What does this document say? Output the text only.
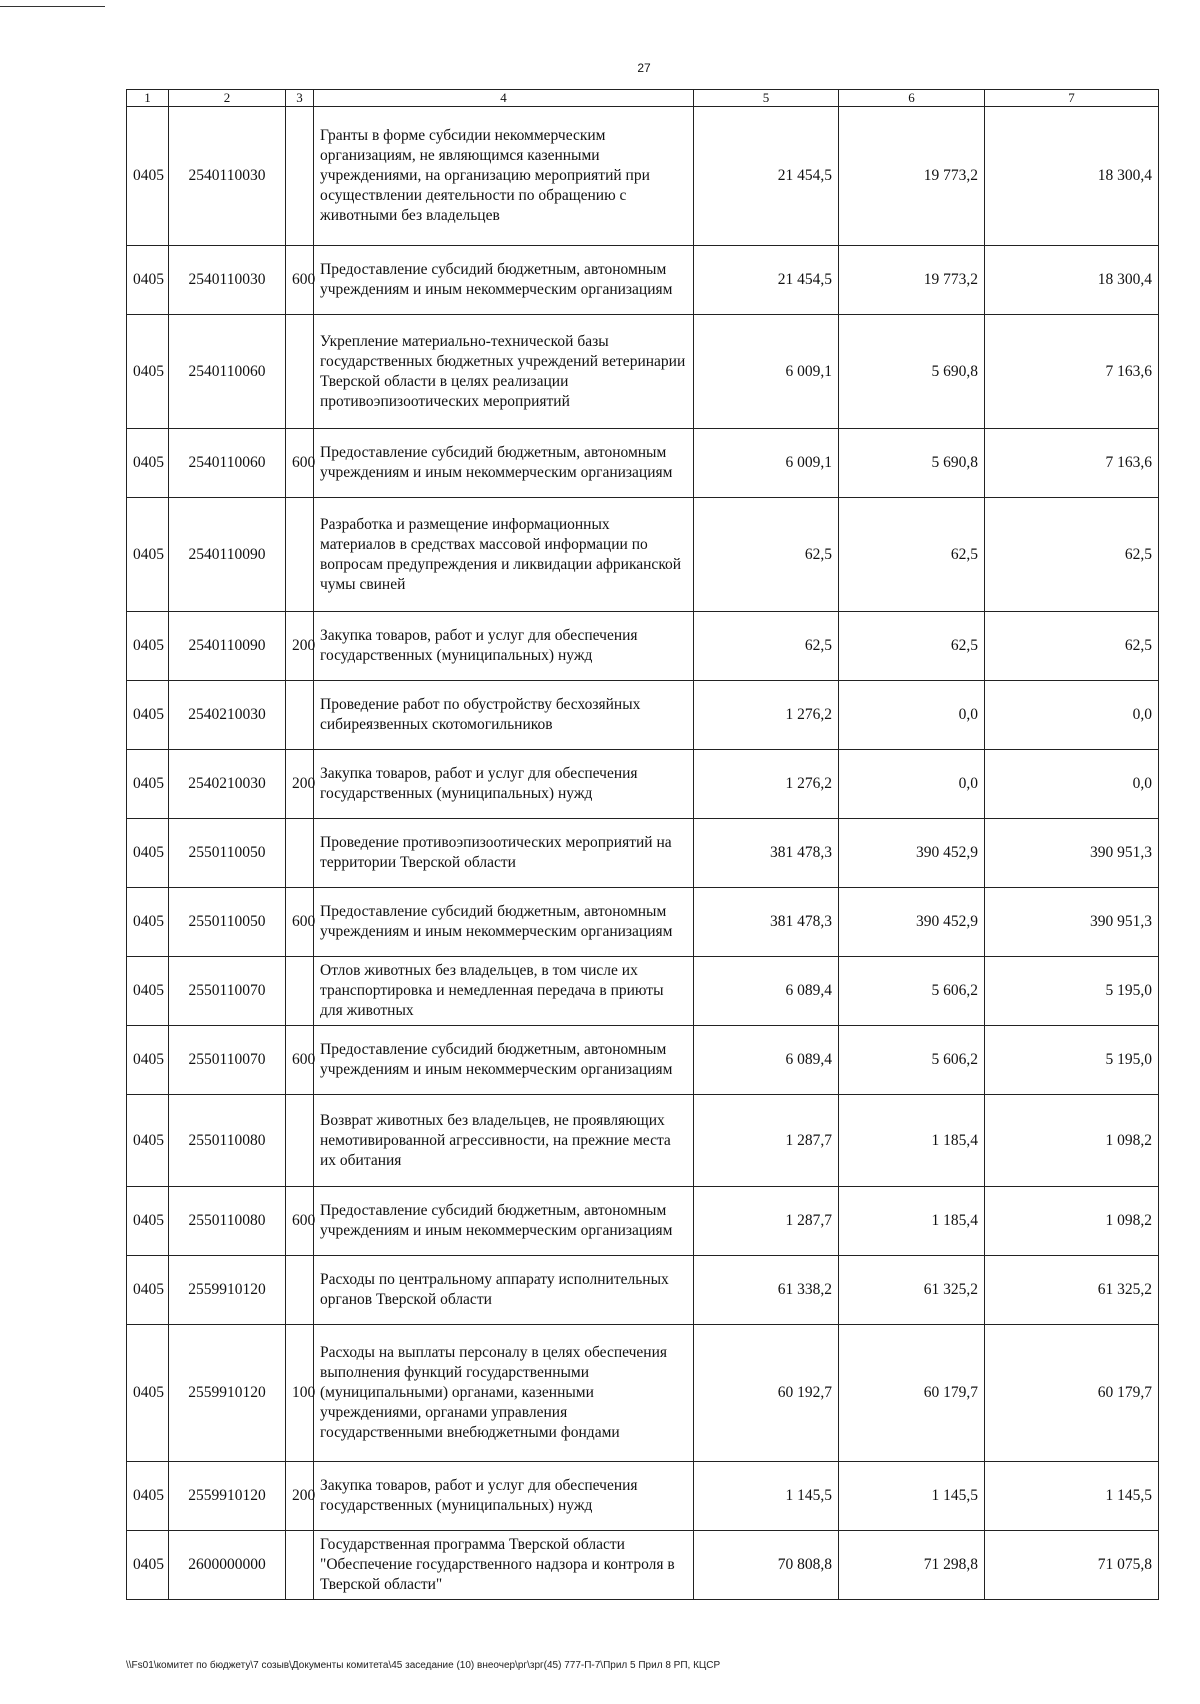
27
1	2	3	4	5	6	7
0405	2540110030		Гранты в форме субсидии некоммерческим организациям, не являющимся казенными учреждениями, на организацию мероприятий при осуществлении деятельности по обращению с животными без владельцев	21 454,5	19 773,2	18 300,4
0405	2540110030	600	Предоставление субсидий бюджетным, автономным учреждениям и иным некоммерческим организациям	21 454,5	19 773,2	18 300,4
0405	2540110060		Укрепление материально-технической базы государственных бюджетных учреждений ветеринарии Тверской области в целях реализации противоэпизоотических мероприятий	6 009,1	5 690,8	7 163,6
0405	2540110060	600	Предоставление субсидий бюджетным, автономным учреждениям и иным некоммерческим организациям	6 009,1	5 690,8	7 163,6
0405	2540110090		Разработка и размещение информационных материалов в средствах массовой информации по вопросам предупреждения и ликвидации африканской чумы свиней	62,5	62,5	62,5
0405	2540110090	200	Закупка товаров, работ и услуг для обеспечения государственных (муниципальных) нужд	62,5	62,5	62,5
0405	2540210030		Проведение работ по обустройству бесхозяйных сибиреязвенных скотомогильников	1 276,2	0,0	0,0
0405	2540210030	200	Закупка товаров, работ и услуг для обеспечения государственных (муниципальных) нужд	1 276,2	0,0	0,0
0405	2550110050		Проведение противоэпизоотических мероприятий на территории Тверской области	381 478,3	390 452,9	390 951,3
0405	2550110050	600	Предоставление субсидий бюджетным, автономным учреждениям и иным некоммерческим организациям	381 478,3	390 452,9	390 951,3
0405	2550110070		Отлов животных без владельцев, в том числе их транспортировка и немедленная передача в приюты для животных	6 089,4	5 606,2	5 195,0
0405	2550110070	600	Предоставление субсидий бюджетным, автономным учреждениям и иным некоммерческим организациям	6 089,4	5 606,2	5 195,0
0405	2550110080		Возврат животных без владельцев, не проявляющих немотивированной агрессивности, на прежние места их обитания	1 287,7	1 185,4	1 098,2
0405	2550110080	600	Предоставление субсидий бюджетным, автономным учреждениям и иным некоммерческим организациям	1 287,7	1 185,4	1 098,2
0405	2559910120		Расходы по центральному аппарату исполнительных органов Тверской области	61 338,2	61 325,2	61 325,2
0405	2559910120	100	Расходы на выплаты персоналу в целях обеспечения выполнения функций государственными (муниципальными) органами, казенными учреждениями, органами управления государственными внебюджетными фондами	60 192,7	60 179,7	60 179,7
0405	2559910120	200	Закупка товаров, работ и услуг для обеспечения государственных (муниципальных) нужд	1 145,5	1 145,5	1 145,5
0405	2600000000		Государственная программа Тверской области "Обеспечение государственного надзора и контроля в Тверской области"	70 808,8	71 298,8	71 075,8
\\Fs01\комитет по бюджету\7 созыв\Документы комитета\45 заседание (10) внеочер\рг\зрг(45) 777-П-7\Прил 5 Прил 8 РП, КЦСР
